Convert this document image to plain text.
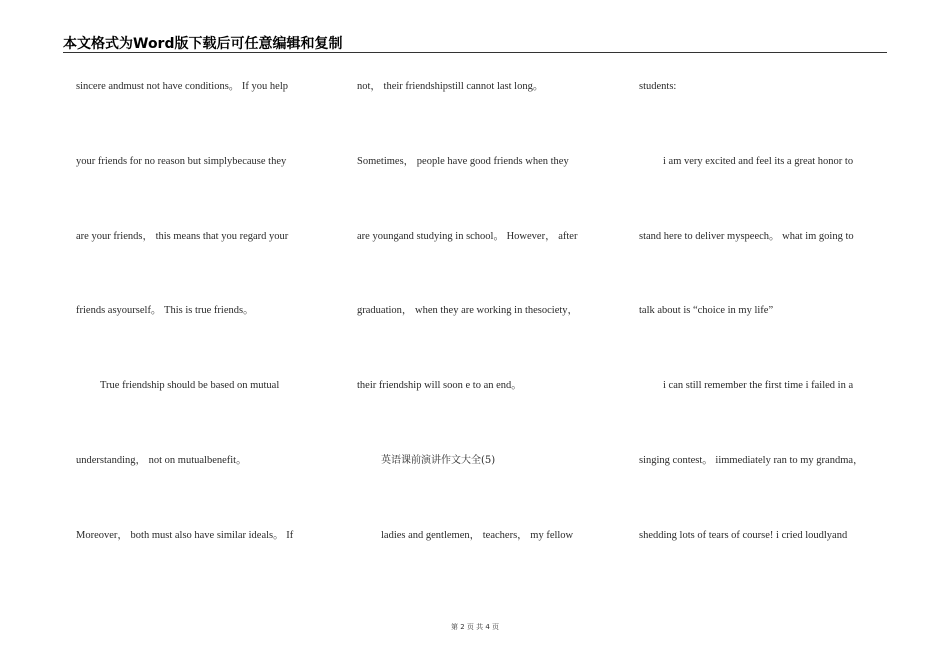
本文格式为Word版下载后可任意编辑和复制
sincere andmust not have conditions。 If you help
your friends for no reason but simplybecause they
are your friends， this means that you regard your
friends asyourself。 This is true friends。
True friendship should be based on mutual
understanding， not on mutualbenefit。
Moreover， both must also have similar ideals。 If
not， their friendshipstill cannot last long。
Sometimes， people have good friends when they
are youngand studying in school。 However， after
graduation， when they are working in thesociety，
their friendship will soon e to an end。
英语课前演讲作文大全(5)
ladies and gentlemen， teachers， my fellow
students:
i am very excited and feel its a great honor to
stand here to deliver myspeech。 what im going to
talk about is “choice in my life”
i can still remember the first time i failed in a
singing contest。 iimmediately ran to my grandma，
shedding lots of tears of course! i cried loudlyand
第 2 页 共 4 页
